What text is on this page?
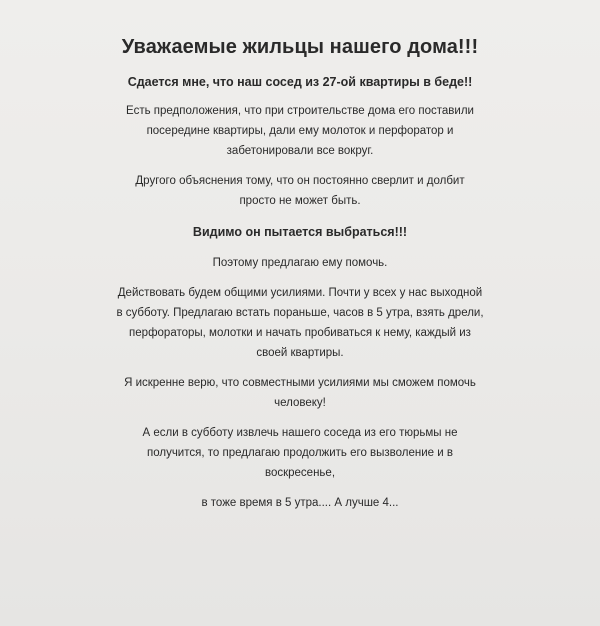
Уважаемые жильцы нашего дома!!!
Сдается мне, что наш сосед из 27-ой квартиры в беде!!
Есть предположения, что при строительстве дома его поставили
посередине квартиры, дали ему молоток и перфоратор и
забетонировали все вокруг.
Другого объяснения тому, что он постоянно сверлит и долбит
просто не может быть.
Видимо он пытается выбраться!!!
Поэтому предлагаю ему помочь.
Действовать будем общими усилиями. Почти у всех у нас выходной
в субботу. Предлагаю встать пораньше, часов в 5 утра, взять дрели,
перфораторы, молотки и начать пробиваться к нему, каждый из
своей квартиры.
Я искренне верю, что совместными усилиями мы сможем помочь
человеку!
А если в субботу извлечь нашего соседа из его тюрьмы не
получится, то предлагаю продолжить его вызволение и в
воскресенье,
в тоже время в 5 утра.... А лучше 4...
